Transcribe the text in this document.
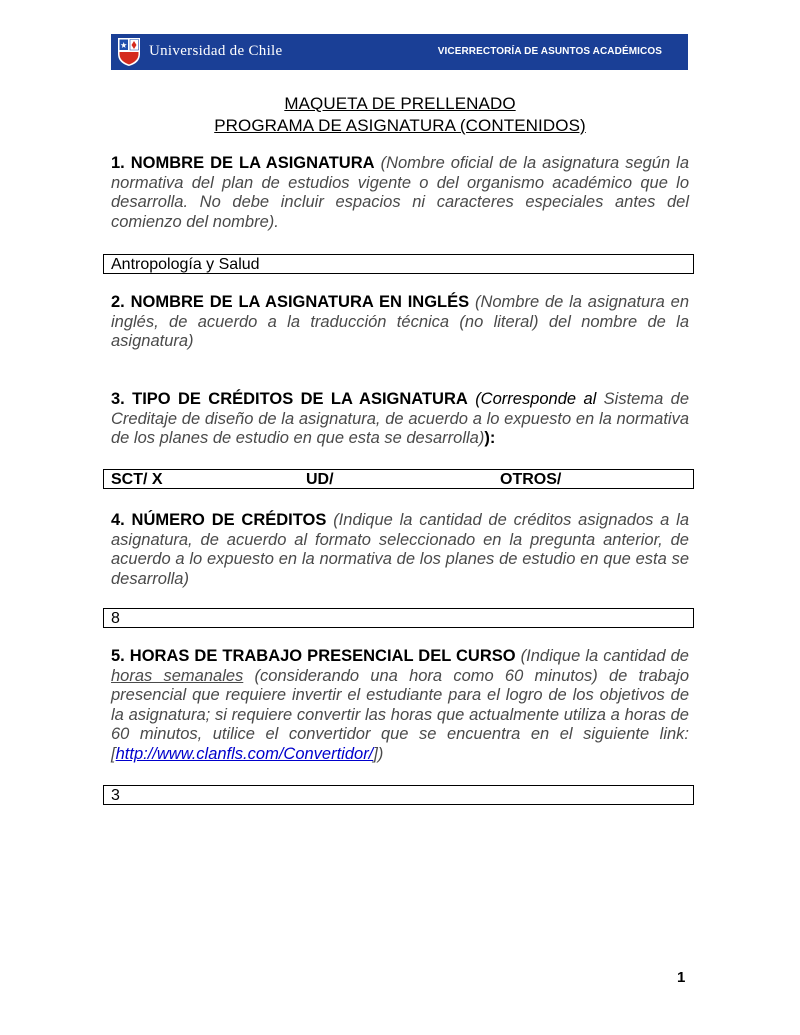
Universidad de Chile	VICERRECTORÍA DE ASUNTOS ACADÉMICOS
MAQUETA DE PRELLENADO
PROGRAMA DE ASIGNATURA (CONTENIDOS)
1. NOMBRE DE LA ASIGNATURA (Nombre oficial de la asignatura según la normativa del plan de estudios vigente o del organismo académico que lo desarrolla. No debe incluir espacios ni caracteres especiales antes del comienzo del nombre).
Antropología y Salud
2. NOMBRE DE LA ASIGNATURA EN INGLÉS (Nombre de la asignatura en inglés, de acuerdo a la traducción técnica (no literal) del nombre de la asignatura)
3. TIPO DE CRÉDITOS DE LA ASIGNATURA (Corresponde al Sistema de Creditaje de diseño de la asignatura, de acuerdo a lo expuesto en la normativa de los planes de estudio en que esta se desarrolla)):
SCT/ X	UD/	OTROS/
4. NÚMERO DE CRÉDITOS (Indique la cantidad de créditos asignados a la asignatura, de acuerdo al formato seleccionado en la pregunta anterior, de acuerdo a lo expuesto en la normativa de los planes de estudio en que esta se desarrolla)
8
5. HORAS DE TRABAJO PRESENCIAL DEL CURSO (Indique la cantidad de horas semanales (considerando una hora como 60 minutos) de trabajo presencial que requiere invertir el estudiante para el logro de los objetivos de la asignatura; si requiere convertir las horas que actualmente utiliza a horas de 60 minutos, utilice el convertidor que se encuentra en el siguiente link: [http://www.clanfls.com/Convertidor/])
3
1
